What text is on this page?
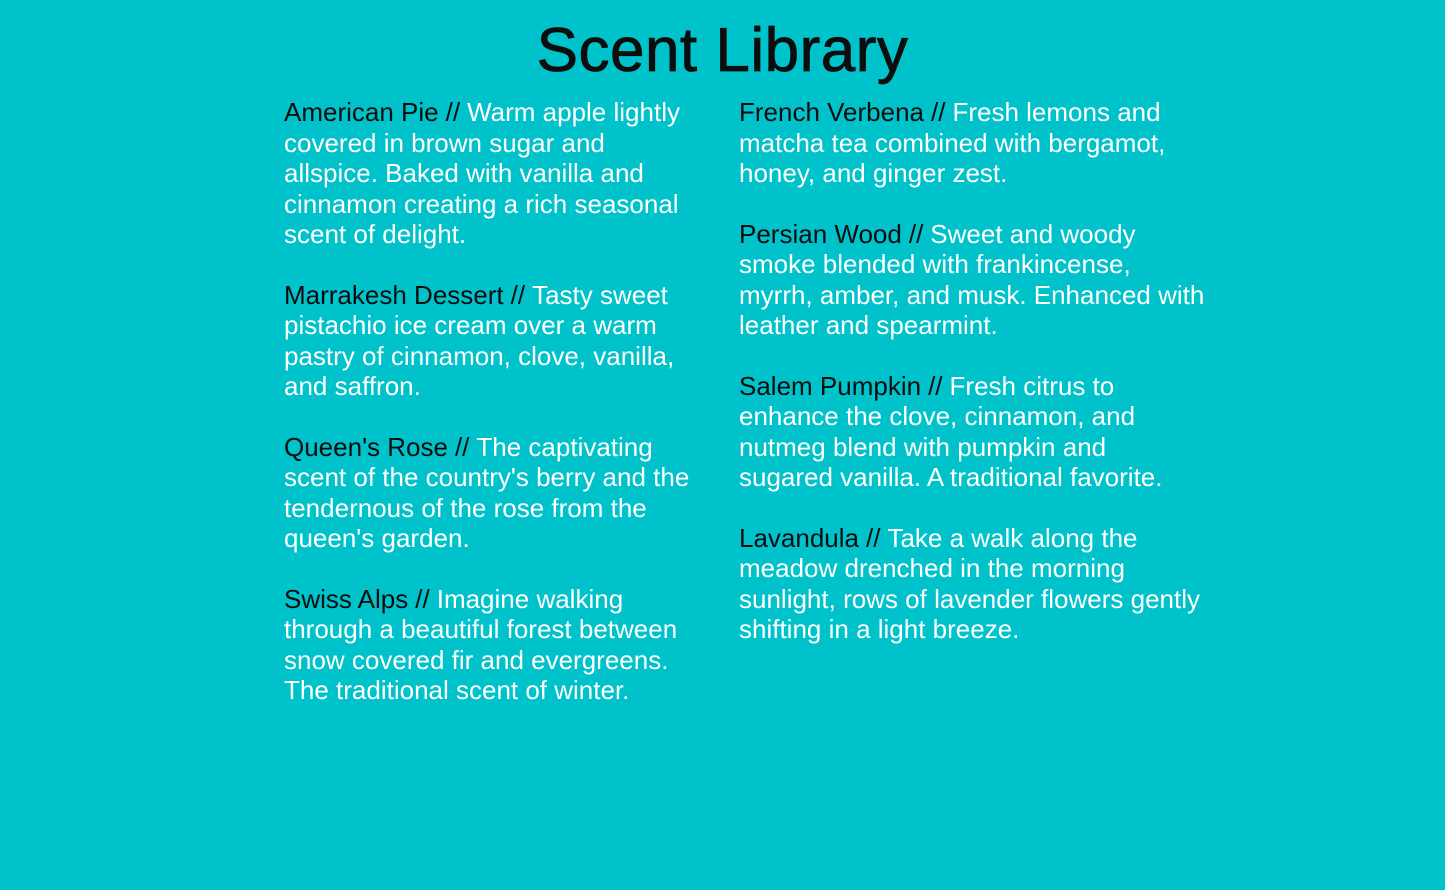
Scent Library

American Pie // Warm apple lightly covered in brown sugar and allspice. Baked with vanilla and cinnamon creating a rich seasonal scent of delight.

Marrakesh Dessert // Tasty sweet pistachio ice cream over a warm pastry of cinnamon, clove, vanilla, and saffron.

Queen's Rose // The captivating scent of the country's berry and the tendernous of the rose from the queen's garden.

Swiss Alps // Imagine walking through a beautiful forest between snow covered fir and evergreens. The traditional scent of winter.

French Verbena // Fresh lemons and matcha tea combined with bergamot, honey, and ginger zest.

Persian Wood // Sweet and woody smoke blended with frankincense, myrrh, amber, and musk. Enhanced with leather and spearmint.

Salem Pumpkin // Fresh citrus to enhance the clove, cinnamon, and nutmeg blend with pumpkin and sugared vanilla. A traditional favorite.

Lavandula // Take a walk along the meadow drenched in the morning sunlight, rows of lavender flowers gently shifting in a light breeze.
